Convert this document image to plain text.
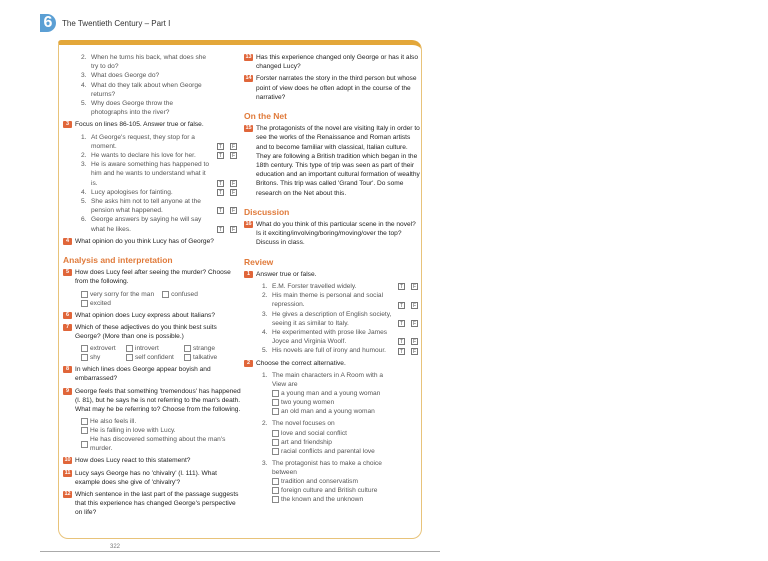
6	The Twentieth Century – Part I
2. When he turns his back, what does she try to do?
3. What does George do?
4. What do they talk about when George returns?
5. Why does George throw the photographs into the river?
3 Focus on lines 86-105. Answer true or false.
1. At George's request, they stop for a moment.	T	F
2. He wants to declare his love for her.	T	F
3. He is aware something has happened to him and he wants to understand what it is.	T	F
4. Lucy apologises for fainting.	T	F
5. She asks him not to tell anyone at the pension what happened.	T	F
6. George answers by saying he will say what he likes.	T	F
4 What opinion do you think Lucy has of George?
Analysis and interpretation
5 How does Lucy feel after seeing the murder? Choose from the following.
very sorry for the man	confused
excited
6 What opinion does Lucy express about Italians?
7 Which of these adjectives do you think best suits George? (More than one is possible.)
extrovert	introvert	strange
shy	self confident	talkative
8 In which lines does George appear boyish and embarrassed?
9 George feels that something 'tremendous' has happened (l. 81), but he says he is not referring to the man's death. What may he be referring to? Choose from the following.
He also feels ill.
He is falling in love with Lucy.
He has discovered something about the man's murder.
10 How does Lucy react to this statement?
11 Lucy says George has no 'chivalry' (l. 111). What example does she give of 'chivalry'?
12 Which sentence in the last part of the passage suggests that this experience has changed George's perspective on life?
13 Has this experience changed only George or has it also changed Lucy?
14 Forster narrates the story in the third person but whose point of view does he often adopt in the course of the narrative?
On the Net
15 The protagonists of the novel are visiting Italy in order to see the works of the Renaissance and Roman artists and to become familiar with classical, Italian culture. They are following a British tradition which began in the 18th century. This type of trip was seen as part of their education and an important cultural formation of wealthy Britons. This trip was called 'Grand Tour'. Do some research on the Net about this.
Discussion
16 What do you think of this particular scene in the novel? Is it exciting/involving/boring/moving/over the top? Discuss in class.
Review
1 Answer true or false.
1. E.M. Forster travelled widely.	T	F
2. His main theme is personal and social repression.	T	F
3. He gives a description of English society, seeing it as similar to Italy.	T	F
4. He experimented with prose like James Joyce and Virginia Woolf.	T	F
5. His novels are full of irony and humour.	T	F
2 Choose the correct alternative.
1. The main characters in A Room with a View are
a young man and a young woman
two young women
an old man and a young woman
2. The novel focuses on
love and social conflict
art and friendship
racial conflicts and parental love
3. The protagonist has to make a choice between
tradition and conservatism
foreign culture and British culture
the known and the unknown
322
